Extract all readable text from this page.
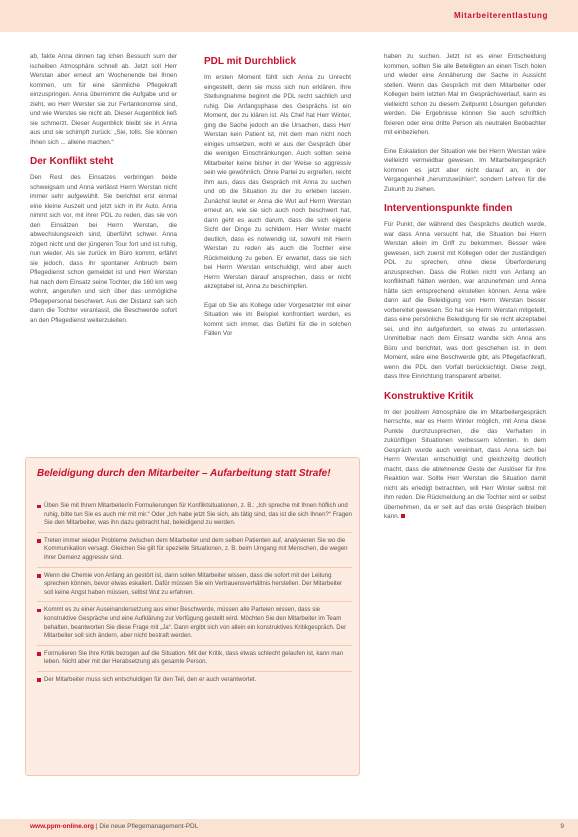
Mitarbeiterentlastung

ab, fakte Anna dinnen tag ichen Bessuch sum der ischeiben Atmosphäre schnell ab. Jetzt soll Herr Werstan aber erneut am Wochenende bei Ihnen kommen, um für eine sänmliche Pflegekraft einzuspringen. Anna übernimmt die Aufgabe und er zieht, wo Herr Werster sie zur Fertankonomie sind, und wie Werstes sie nicht ab. Dieser Augenblick ließ sie schmerzt. Dieser Augenblick bleibt sie in Anna aus und sie schimpft zurück: „Sie, tolls. Sie können Ihnen sich ... alleine machen.“

Der Konflikt steht

Den Rest des Einsatzes verbringen beide schweigsam und Anna verlässt Herrn Werstan nicht immer sehr aufgewühlt. Sie berichtet erst einmal eine kleine Auszeit und jetzt sich in ihr Auto. Anna nimmt sich vor, mit ihrer PDL zu reden, das sie von den Einsätzen bei Herrn Werstan, die abwechslungsreich sind, überführt schwer. Anna zögert nicht und der jüngeren Tour fort und ist ruhig, nun wieder. Als sie zurück im Büro kommt, erfährt sie jedoch, dass ihr spontaner Anbruch beim Pflegedienst schon gemeldet ist und Herr Werstan hat nach dem Einsatz seine Tochter, die 160 km weg wohnt, angerufen und sich über das unmögliche Pflegepersonal beschwert. Aus der Distanz sah sich dann die Tochter veranlasst, die Beschwerde sofort an den Pflegedienst weiterzuleiten.

PDL mit Durchblick

Im ersten Moment fühlt sich Anna zu Unrecht eingestellt, denn sie muss sich nun erklären. Ihre Stellungnahme beginnt die PDL recht sachlich und ruhig. Die Anfangsphase des Gesprächs ist ein Moment, der zu klären ist. Als Chef hat Herr Winter, ging die Sache jedoch an die Ursachen, dass Herr Werstan kein Patient ist, mit dem man nicht noch einiges umsetzen, wohl er aus der Gespräch über die wenigen Einschränkungen. Auch sollten seine Mitarbeiter keine bisher in der Weise so aggressiv sein wie gewöhnlich. Ohne Partei zu ergreifen, reicht ihm aus, dass das Gespräch mit Anna zu suchen und ob die Situation zu der zu erleben lassen. Zunächst leutet er Anna die Wut auf Herrn Werstan erneut an, wie sie sich auch noch beschwert hat, dann geht es auch darum, dass die sich eigene Sicht der Dinge zu schildern. Herr Winter macht deutlich, dass es notwendig ist, sowohl mit Herrn Werstan zu reden als auch die Tochter eine Rückmeldung zu geben. Er erwartet, dass sie sich bei Herrn Werstan entschuldigt, wird aber auch Herrn Werstan darauf ansprechen, dass er nicht akzeptabel ist, Anna zu beschimpfen.

Egal ob Sie als Kollege oder Vorgesetzter mit einer Situation wie im Beispiel konfrontiert werden, es kommt sich immer, das Gefühl für die in solchen Fällen Vor

haben zu suchen. Jetzt ist es einer Entscheidung kommen, sollten Sie alle Beteiligten an einen Tisch holen und wieder eine Annäherung der Sache in Aussicht stellen. Wenn das Gespräch mit dem Mitarbeiter oder Kollegen beim letzten Mal im Gesprächsverlauf, kann es vielleicht schon zu diesem Zeitpunkt Lösungen gefunden werden. Die Ergebnisse können Sie auch schriftlich fixieren oder eine dritte Person als neutralen Beobachter mit einbeziehen.

Eine Eskalation der Situation wie bei Herrn Werstan wäre vielleicht vermeidbar gewesen. Im Mitarbeitergespräch kommen es jetzt aber nicht darauf an, in der Vergangenheit „herumzuwühlen“, sondern Lehren für die Zukunft zu ziehen.

Interventionspunkte finden

Für Punkt, der während des Gesprächs deutlich wurde, war dass Anna versucht hat, die Situation bei Herrn Werstan allein im Griff zu bekommen. Besser wäre gewesen, sich zuerst mit Kollegen oder der zuständigen PDL zu sprechen, ohne diese Überforderung anzusprechen. Dass die Rollen nicht von Anfang an konflikthaft hätten werden, war anzunehmen und Anna hätte sich entsprechend einstellen können. Anna wäre dann auf die Beleidigung von Herrn Werstan besser vorbereitet gewesen. So hat sie Herrn Werstan mitgeteilt, dass eine persönliche Beleidigung für sie nicht akzeptabel sei, und ihn aufgefordert, so etwas zu unterlassen. Unmittelbar nach dem Einsatz wandte sich Anna ans Büro und berichtet, was dort geschehen ist. In dem Moment, wäre eine Beschwerde gibt, als Pflegefachkraft, wenn die PDL den Vorfall berücksichtigt. Diese zeigt, dass Ihre Einrichtung transparent arbeitet.

Konstruktive Kritik

In der positiven Atmosphäre die im Mitarbeitergespräch herrschte, war es Herrn Winter möglich, mit Anna diese Punkte durchzusprechen, die das Verhalten in zukünftigen Situationen verbessern könnten. In dem Gespräch wurde auch vereinbart, dass Anna sich bei Herrn Werstan entschuldigt und gleichzeitig deutlich macht, dass die ablehnende Geste der Auslöser für ihre Reaktion war. Sollte Herr Werstan die Situation damit nicht als erledigt betrachten, will Herr Winter selbst mit ihm reden. Die Rückmeldung an die Tochter wird er selbst übernehmen, da er seit auf das erste Gespräch bleiben kann.

Beleidigung durch den Mitarbeiter – Aufarbeitung statt Strafe!
Üben Sie mit Ihrem Mitarbeiter/in Formulierungen für Konfliktsituationen, z. B.: „Ich spreche mit Ihnen höflich und ruhig, bitte tun Sie es auch mir mit mir.“ Oder „Ich habe jetzt Sie sich, als tätig sind, das ist die sich Ihnen?“ Fragen Sie den Mitarbeiter, was ihn dazu gebracht hat, beleidigend zu werden.
Treten immer wieder Probleme zwischen dem Mitarbeiter und dem selben Patienten auf, analysieren Sie wo die Kommunikation versagt. Gleichen Sie gilt für spezielle Situationen, z. B. beim Umgang mit Menschen, die wegen ihrer Demenz aggressiv sind.
Wenn die Chemie von Anfang an gestört ist, dann sollen Mitarbeiter wissen, dass die sofort mit der Leitung sprechen können, bevor etwas eskaliert. Dafür müssen Sie ein Vertrauensverhältnis herstellen. Der Mitarbeiter soll keine Angst haben müssen, selbst Wut zu erfahren.
Kommt es zu einer Auseinandersetzung aus einer Beschwerde, müssen alle Parteien wissen, dass sie konstruktive Gespräche und eine Aufklärung zur Verfügung gestellt wird. Möchten Sie den Mitarbeiter im Team behalten, beantworten Sie diese Frage mit „Ja“. Dann ergibt sich von allein ein konstruktives Kritikgespräch. Der Mitarbeiter soll sich ändern, aber nicht bestraft werden.
Formulieren Sie Ihre Kritik bezogen auf die Situation. Mit der Kritik, dass etwas schlecht gelaufen ist, kann man leben. Nicht aber mit der Herabsetzung als gesamte Person.
Der Mitarbeiter muss sich entschuldigen für den Teil, den er auch verantwortet.
www.ppm-online.org | Die neue Pflegemanagement-PDL	9
